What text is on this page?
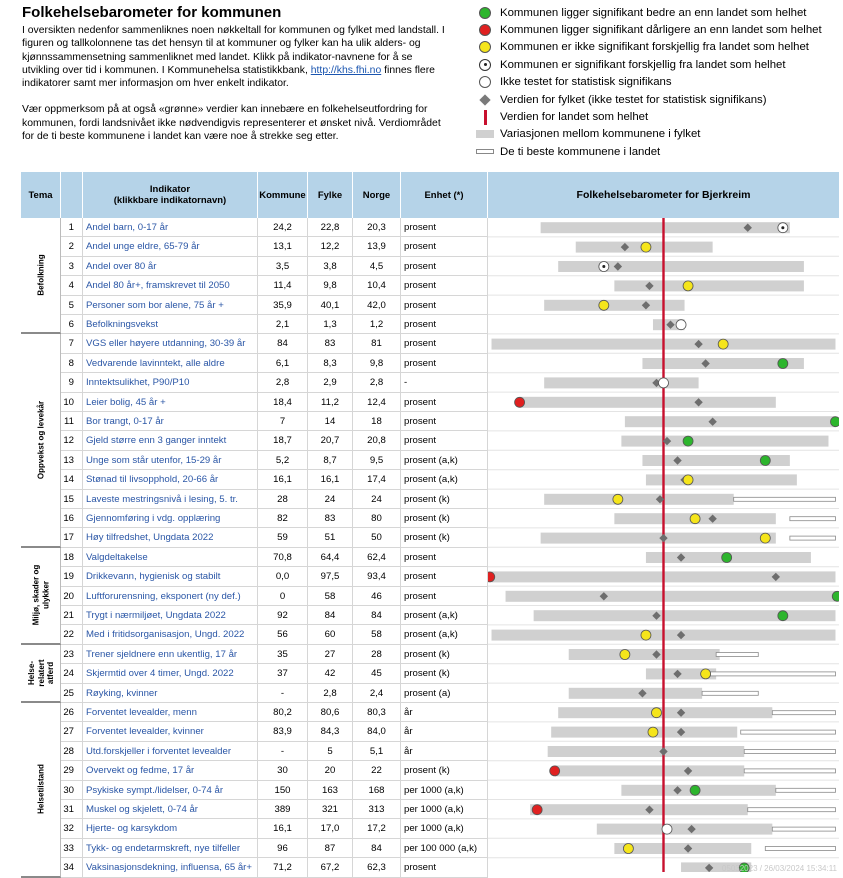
Folkehelsebarometer for kommunen

I oversikten nedenfor sammenliknes noen nøkkeltall for kommunen og fylket med landstall. I figuren og tallkolonnene tas det hensyn til at kommuner og fylker kan ha ulik alders- og kjønnssammensetning sammenliknet med landet. Klikk på indikator-navnene for å se utvikling over tid i kommunen. I Kommunehelsa statistikkbank, http://khs.fhi.no finnes flere indikatorer samt mer informasjon om hver enkelt indikator.

Vær oppmerksom på at også «grønne» verdier kan innebære en folkehelseutfordring for kommunen, fordi landsnivået ikke nødvendigvis representerer et ønsket nivå. Verdiområdet for de ti beste kommunene i landet kan være noe å strekke seg etter.

Kommunen ligger signifikant bedre an enn landet som helhet
Kommunen ligger signifikant dårligere an enn landet som helhet
Kommunen er ikke signifikant forskjellig fra landet som helhet
Kommunen er signifikant forskjellig fra landet som helhet
Ikke testet for statistisk signifikans
Verdien for fylket (ikke testet for statistisk signifikans)
Verdien for landet som helhet
Variasjonen mellom kommunene i fylket
De ti beste kommunene i landet
Tema	Indikator
(klikkbare indikatornavn)	Kommune	Fylke	Norge	Enhet (*)	Folkehelsebarometer for Bjerkreim
1	Andel barn, 0-17 år	24,2	22,8	20,3	prosent
2	Andel unge eldre, 65-79 år	13,1	12,2	13,9	prosent
3	Andel over 80 år	3,5	3,8	4,5	prosent
4	Andel 80 år+, framskrevet til 2050	11,4	9,8	10,4	prosent
5	Personer som bor alene, 75 år +	35,9	40,1	42,0	prosent
6	Befolkningsvekst	2,1	1,3	1,2	prosent
7	VGS eller høyere utdanning, 30-39 år	84	83	81	prosent
8	Vedvarende lavinntekt, alle aldre	6,1	8,3	9,8	prosent
9	Inntektsulikhet, P90/P10	2,8	2,9	2,8	-
10	Leier bolig, 45 år +	18,4	11,2	12,4	prosent
11	Bor trangt, 0-17 år	7	14	18	prosent
12	Gjeld større enn 3 ganger inntekt	18,7	20,7	20,8	prosent
13	Unge som står utenfor, 15-29 år	5,2	8,7	9,5	prosent (a,k)
14	Stønad til livsopphold, 20-66 år	16,1	16,1	17,4	prosent (a,k)
15	Laveste mestringsnivå i lesing, 5. tr.	28	24	24	prosent (k)
16	Gjennomføring i vdg. opplæring	82	83	80	prosent (k)
17	Høy tilfredshet, Ungdata 2022	59	51	50	prosent (k)
18	Valgdeltakelse	70,8	64,4	62,4	prosent
19	Drikkevann, hygienisk og stabilt	0,0	97,5	93,4	prosent
20	Luftforurensning, eksponert (ny def.)	0	58	46	prosent
21	Trygt i nærmiljøet, Ungdata 2022	92	84	84	prosent (a,k)
22	Med i fritidsorganisasjon, Ungd. 2022	56	60	58	prosent (a,k)
23	Trener sjeldnere enn ukentlig, 17 år	35	27	28	prosent (k)
24	Skjermtid over 4 timer, Ungd. 2022	37	42	45	prosent (k)
25	Røyking, kvinner	-	2,8	2,4	prosent (a)
26	Forventet levealder, menn	80,2	80,6	80,3	år
27	Forventet levealder, kvinner	83,9	84,3	84,0	år
28	Utd.forskjeller i forventet levealder	-	5	5,1	år
29	Overvekt og fedme, 17 år	30	20	22	prosent (k)
30	Psykiske sympt./lidelser, 0-74 år	150	163	168	per 1000 (a,k)
31	Muskel og skjelett, 0-74 år	389	321	313	per 1000 (a,k)
32	Hjerte- og karsykdom	16,1	17,0	17,2	per 1000 (a,k)
33	Tykk- og endetarmskreft, nye tilfeller	96	87	84	per 100 000 (a,k)
34	Vaksinasjonsdekning, influensa, 65 år+	71,2	67,2	62,3	prosent
Befolkning
Oppvekst og levekår
Miljø, skader og
ulykker
Helse-
relatert
atferd
Helsetilstand
05032023 / 26/03/2024 15:34:11
